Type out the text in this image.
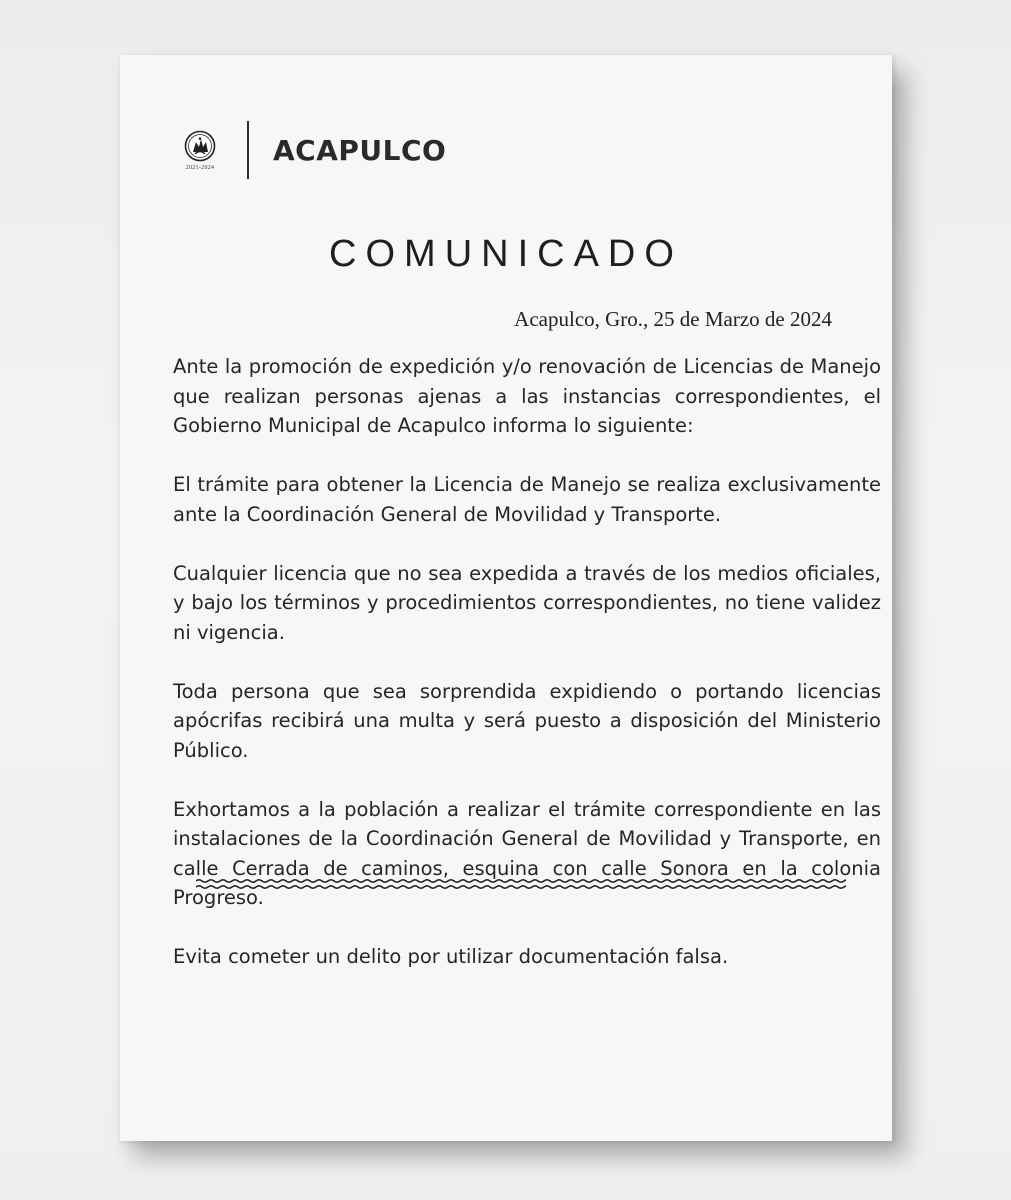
2021-2024
ACAPULCO
COMUNICADO
Acapulco, Gro., 25 de Marzo de 2024

Ante la promoción de expedición y/o renovación de Licencias de Manejo que realizan personas ajenas a las instancias correspondientes, el Gobierno Municipal de Acapulco informa lo siguiente:

El trámite para obtener la Licencia de Manejo se realiza exclusivamente ante la Coordinación General de Movilidad y Transporte.

Cualquier licencia que no sea expedida a través de los medios oficiales, y bajo los términos y procedimientos correspondientes, no tiene validez ni vigencia.

Toda persona que sea sorprendida expidiendo o portando licencias apócrifas recibirá una multa y será puesto a disposición del Ministerio Público.

Exhortamos a la población a realizar el trámite correspondiente en las instalaciones de la Coordinación General de Movilidad y Transporte, en calle Cerrada de caminos, esquina con calle Sonora en la colonia Progreso.

Evita cometer un delito por utilizar documentación falsa.
